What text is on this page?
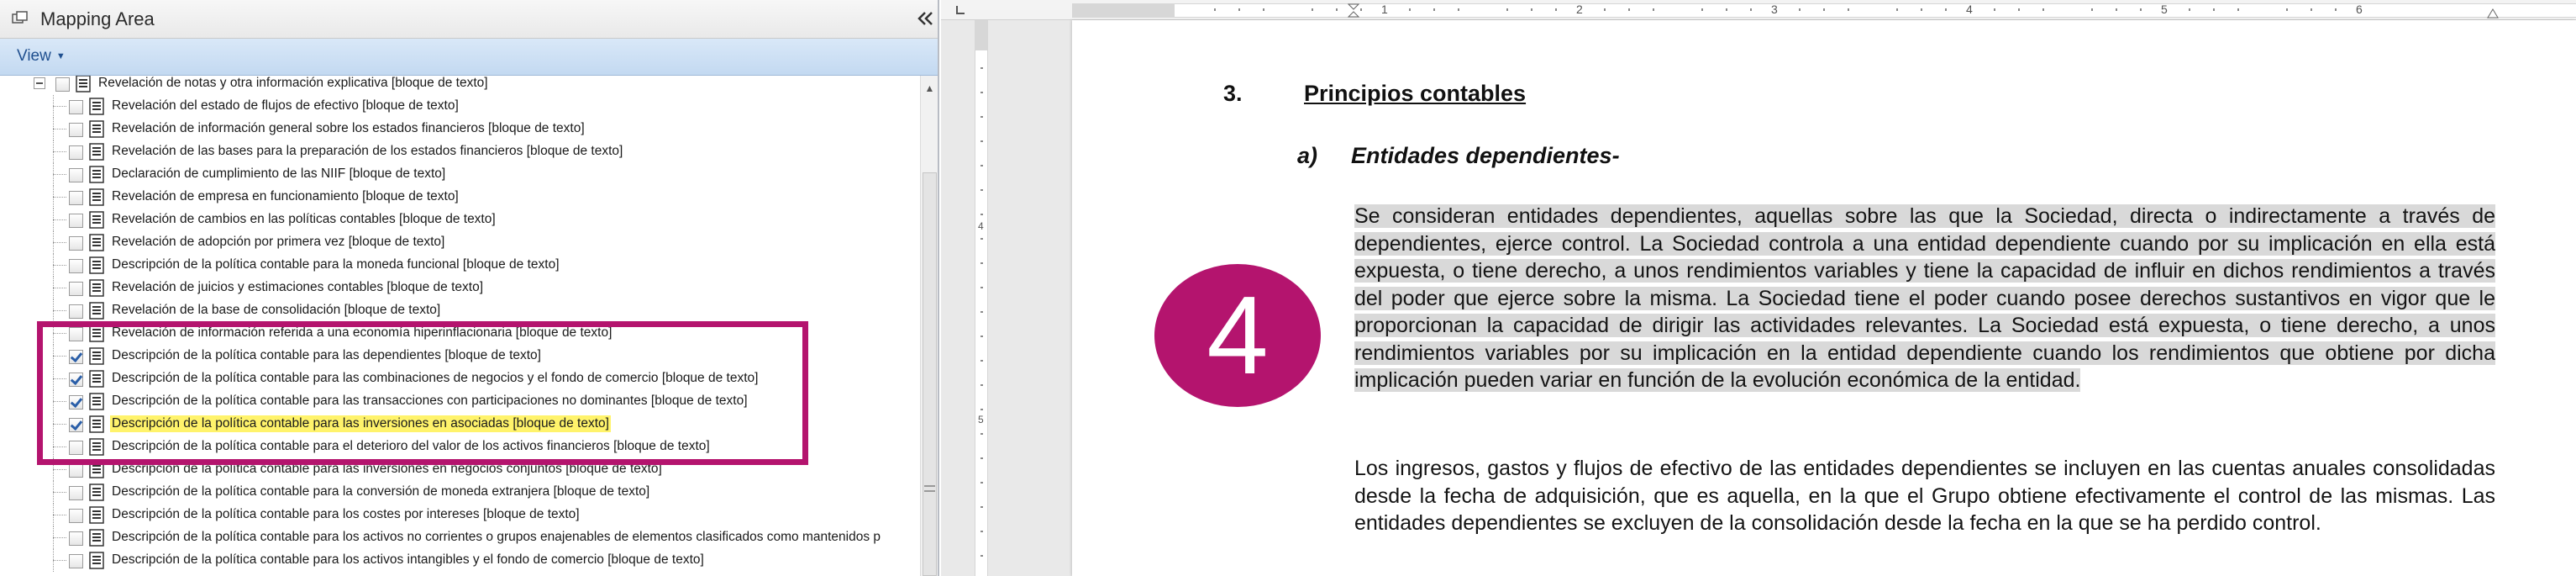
Mapping Area
View ▼
Revelación de notas y otra información explicativa [bloque de texto]
Revelación del estado de flujos de efectivo [bloque de texto]
Revelación de información general sobre los estados financieros [bloque de texto]
Revelación de las bases para la preparación de los estados financieros [bloque de texto]
Declaración de cumplimiento de las NIIF [bloque de texto]
Revelación de empresa en funcionamiento [bloque de texto]
Revelación de cambios en las políticas contables [bloque de texto]
Revelación de adopción por primera vez [bloque de texto]
Descripción de la política contable para la moneda funcional [bloque de texto]
Revelación de juicios y estimaciones contables [bloque de texto]
Revelación de la base de consolidación [bloque de texto]
Revelación de información referida a una economía hiperinflacionaria [bloque de texto]
Descripción de la política contable para las dependientes [bloque de texto]
Descripción de la política contable para las combinaciones de negocios y el fondo de comercio [bloque de texto]
Descripción de la política contable para las transacciones con participaciones no dominantes [bloque de texto]
Descripción de la política contable para las inversiones en asociadas [bloque de texto]
Descripción de la política contable para el deterioro del valor de los activos financieros [bloque de texto]
Descripción de la política contable para las inversiones en negocios conjuntos [bloque de texto]
Descripción de la política contable para la conversión de moneda extranjera [bloque de texto]
Descripción de la política contable para los costes por intereses [bloque de texto]
Descripción de la política contable para los activos no corrientes o grupos enajenables de elementos clasificados como mantenidos p
Descripción de la política contable para los activos intangibles y el fondo de comercio [bloque de texto]
▲
1	2	3	4	5	6
4
5
3.	Principios contables
a) Entidades dependientes-
Se consideran entidades dependientes, aquellas sobre las que la Sociedad, directa o indirectamente a través de dependientes, ejerce control. La Sociedad controla a una entidad dependiente cuando por su implicación en ella está expuesta, o tiene derecho, a unos rendimientos variables y tiene la capacidad de influir en dichos rendimientos a través del poder que ejerce sobre la misma. La Sociedad tiene el poder cuando posee derechos sustantivos en vigor que le proporcionan la capacidad de dirigir las actividades relevantes. La Sociedad está expuesta, o tiene derecho, a unos rendimientos variables por su implicación en la entidad dependiente cuando los rendimientos que obtiene por dicha implicación pueden variar en función de la evolución económica de la entidad.
Los ingresos, gastos y flujos de efectivo de las entidades dependientes se incluyen en las cuentas anuales consolidadas desde la fecha de adquisición, que es aquella, en la que el Grupo obtiene efectivamente el control de las mismas. Las entidades dependientes se excluyen de la consolidación desde la fecha en la que se ha perdido control.
4
